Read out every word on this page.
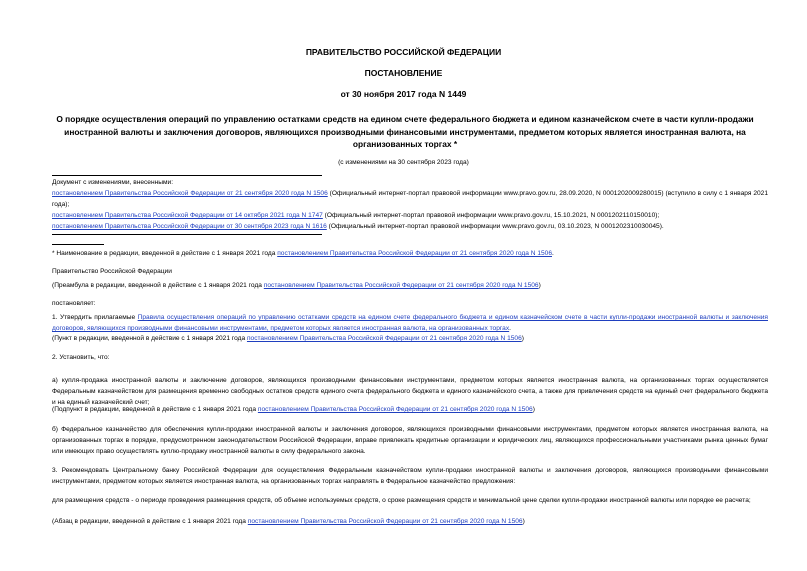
ПРАВИТЕЛЬСТВО РОССИЙСКОЙ ФЕДЕРАЦИИ
ПОСТАНОВЛЕНИЕ
от 30 ноября 2017 года N 1449
О порядке осуществления операций по управлению остатками средств на едином счете федерального бюджета и едином казначейском счете в части купли-продажи иностранной валюты и заключения договоров, являющихся производными финансовыми инструментами, предметом которых является иностранная валюта, на организованных торгах *
(с изменениями на 30 сентября 2023 года)
Документ с изменениями, внесенными:
постановлением Правительства Российской Федерации от 21 сентября 2020 года N 1506 (Официальный интернет-портал правовой информации www.pravo.gov.ru, 28.09.2020, N 0001202009280015) (вступило в силу с 1 января 2021 года);
постановлением Правительства Российской Федерации от 14 октября 2021 года N 1747 (Официальный интернет-портал правовой информации www.pravo.gov.ru, 15.10.2021, N 0001202110150010);
постановлением Правительства Российской Федерации от 30 сентября 2023 года N 1616 (Официальный интернет-портал правовой информации www.pravo.gov.ru, 03.10.2023, N 0001202310030045).
* Наименование в редакции, введенной в действие с 1 января 2021 года постановлением Правительства Российской Федерации от 21 сентября 2020 года N 1506.
Правительство Российской Федерации
(Преамбула в редакции, введенной в действие с 1 января 2021 года постановлением Правительства Российской Федерации от 21 сентября 2020 года N 1506)
постановляет:
1. Утвердить прилагаемые Правила осуществления операций по управлению остатками средств на едином счете федерального бюджета и едином казначейском счете в части купли-продажи иностранной валюты и заключения договоров, являющихся производными финансовыми инструментами, предметом которых является иностранная валюта, на организованных торгах.
(Пункт в редакции, введенной в действие с 1 января 2021 года постановлением Правительства Российской Федерации от 21 сентября 2020 года N 1506)
2. Установить, что:
а) купля-продажа иностранной валюты и заключение договоров, являющихся производными финансовыми инструментами, предметом которых является иностранная валюта, на организованных торгах осуществляется Федеральным казначейством для размещения временно свободных остатков средств единого счета федерального бюджета и единого казначейского счета, а также для привлечения средств на единый счет федерального бюджета и на единый казначейский счет;
(Подпункт в редакции, введенной в действие с 1 января 2021 года постановлением Правительства Российской Федерации от 21 сентября 2020 года N 1506)
б) Федеральное казначейство для обеспечения купли-продажи иностранной валюты и заключения договоров, являющихся производными финансовыми инструментами, предметом которых является иностранная валюта, на организованных торгах в порядке, предусмотренном законодательством Российской Федерации, вправе привлекать кредитные организации и юридических лиц, являющихся профессиональными участниками рынка ценных бумаг или имеющих право осуществлять куплю-продажу иностранной валюты в силу федерального закона.
3. Рекомендовать Центральному банку Российской Федерации для осуществления Федеральным казначейством купли-продажи иностранной валюты и заключения договоров, являющихся производными финансовыми инструментами, предметом которых является иностранная валюта, на организованных торгах направлять в Федеральное казначейство предложения:
для размещения средств - о периоде проведения размещения средств, об объеме используемых средств, о сроке размещения средств и минимальной цене сделки купли-продажи иностранной валюты или порядке ее расчета;
(Абзац в редакции, введенной в действие с 1 января 2021 года постановлением Правительства Российской Федерации от 21 сентября 2020 года N 1506)
